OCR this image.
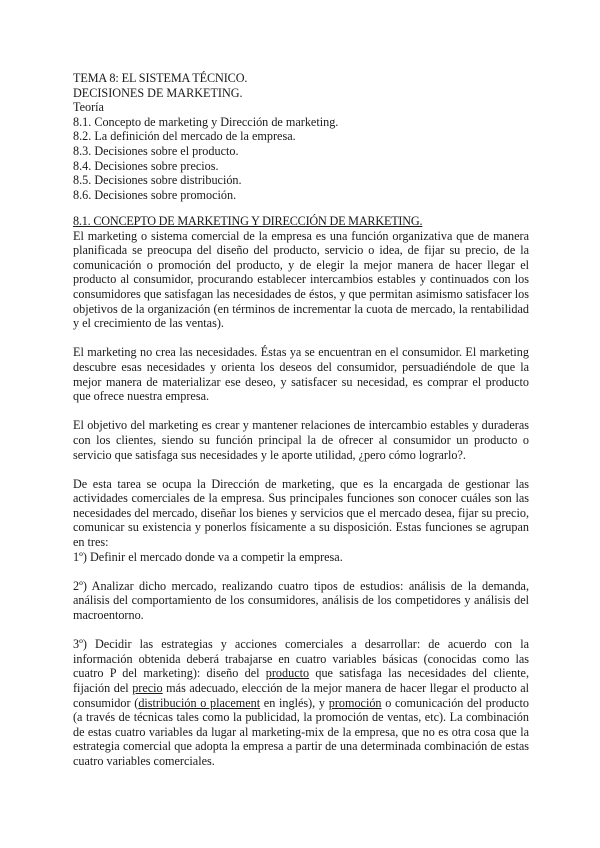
TEMA 8: EL SISTEMA TÉCNICO.
DECISIONES DE MARKETING.
Teoría
8.1. Concepto de marketing y Dirección de marketing.
8.2. La definición del mercado de la empresa.
8.3. Decisiones sobre el producto.
8.4. Decisiones sobre precios.
8.5. Decisiones sobre distribución.
8.6. Decisiones sobre promoción.
8.1. CONCEPTO DE MARKETING Y DIRECCIÓN DE MARKETING.

El marketing o sistema comercial de la empresa es una función organizativa que de manera planificada se preocupa del diseño del producto, servicio o idea, de fijar su precio, de la comunicación o promoción del producto, y de elegir la mejor manera de hacer llegar el producto al consumidor, procurando establecer intercambios estables y continuados con los consumidores que satisfagan las necesidades de éstos, y que permitan asimismo satisfacer los objetivos de la organización (en términos de incrementar la cuota de mercado, la rentabilidad y el crecimiento de las ventas).

El marketing no crea las necesidades. Éstas ya se encuentran en el consumidor. El marketing descubre esas necesidades y orienta los deseos del consumidor, persuadiéndole de que la mejor manera de materializar ese deseo, y satisfacer su necesidad, es comprar el producto que ofrece nuestra empresa.

El objetivo del marketing es crear y mantener relaciones de intercambio estables y duraderas con los clientes, siendo su función principal la de ofrecer al consumidor un producto o servicio que satisfaga sus necesidades y le aporte utilidad, ¿pero cómo lograrlo?.

De esta tarea se ocupa la Dirección de marketing, que es la encargada de gestionar las actividades comerciales de la empresa. Sus principales funciones son conocer cuáles son las necesidades del mercado, diseñar los bienes y servicios que el mercado desea, fijar su precio, comunicar su existencia y ponerlos físicamente a su disposición. Estas funciones se agrupan en tres:

1º) Definir el mercado donde va a competir la empresa.

2º) Analizar dicho mercado, realizando cuatro tipos de estudios: análisis de la demanda, análisis del comportamiento de los consumidores, análisis de los competidores y análisis del macroentorno.

3º) Decidir las estrategias y acciones comerciales a desarrollar: de acuerdo con la información obtenida deberá trabajarse en cuatro variables básicas (conocidas como las cuatro P del marketing): diseño del producto que satisfaga las necesidades del cliente, fijación del precio más adecuado, elección de la mejor manera de hacer llegar el producto al consumidor (distribución o placement en inglés), y promoción o comunicación del producto (a través de técnicas tales como la publicidad, la promoción de ventas, etc). La combinación de estas cuatro variables da lugar al marketing-mix de la empresa, que no es otra cosa que la estrategia comercial que adopta la empresa a partir de una determinada combinación de estas cuatro variables comerciales.
